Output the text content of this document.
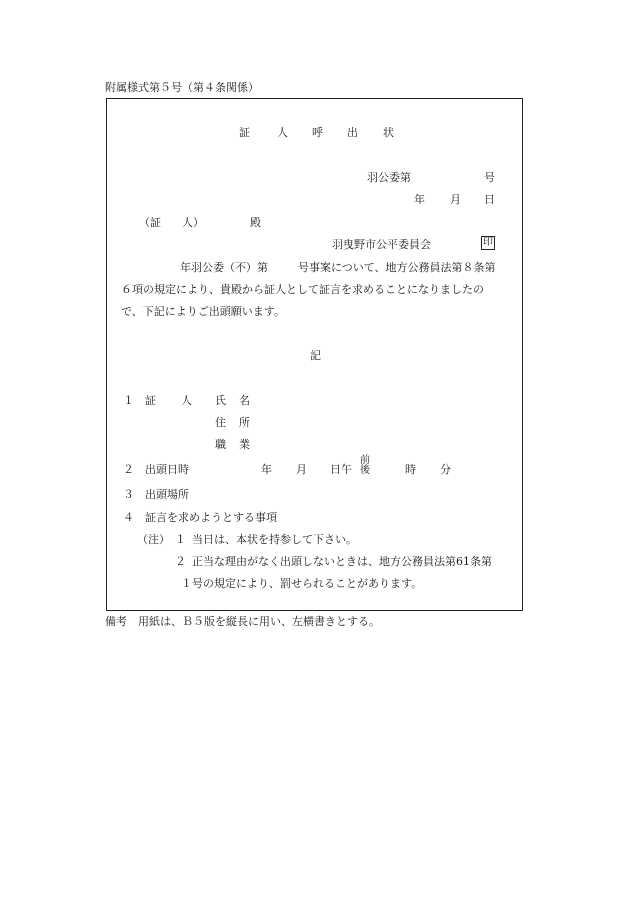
附属様式第５号（第４条関係）
証 人 呼 出 状
羽公委第	号
年 月 日
（証 人）	殿
羽曳野市公平委員会	印
年羽公委（不）第	号事案について、地方公務員法第８条第
６項の規定により、貴殿から証人として証言を求めることになりましたの
で、下記によりご出頭願います。
記
１ 証 人 氏 名
住 所
職 業
２ 出頭日時	年 月 日午
前
後	時 分
３ 出頭場所
４ 証言を求めようとする事項
（注） １ 当日は、本状を持参して下さい。
２ 正当な理由がなく出頭しないときは、地方公務員法第61条第
１号の規定により、罰せられることがあります。
備考　用紙は、Ｂ５版を縦長に用い、左横書きとする。
